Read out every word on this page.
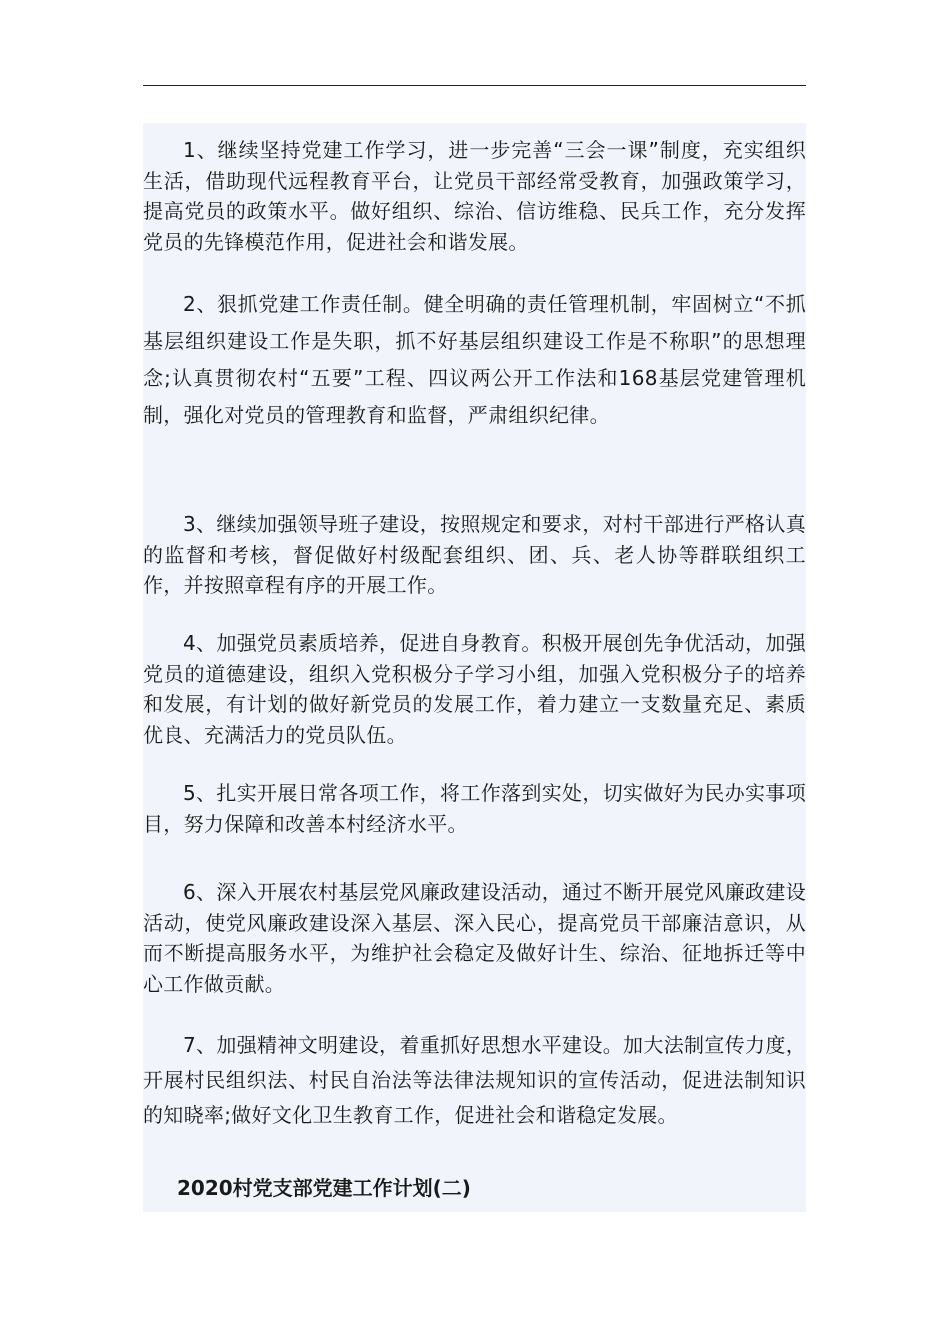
1、继续坚持党建工作学习，进一步完善“三会一课”制度，充实组织生活，借助现代远程教育平台，让党员干部经常受教育，加强政策学习，提高党员的政策水平。做好组织、综治、信访维稳、民兵工作，充分发挥党员的先锋模范作用，促进社会和谐发展。

2、狠抓党建工作责任制。健全明确的责任管理机制，牢固树立“不抓基层组织建设工作是失职，抓不好基层组织建设工作是不称职”的思想理念;认真贯彻农村“五要”工程、四议两公开工作法和168基层党建管理机制，强化对党员的管理教育和监督，严肃组织纪律。

3、继续加强领导班子建设，按照规定和要求，对村干部进行严格认真的监督和考核，督促做好村级配套组织、团、兵、老人协等群联组织工作，并按照章程有序的开展工作。

4、加强党员素质培养，促进自身教育。积极开展创先争优活动，加强党员的道德建设，组织入党积极分子学习小组，加强入党积极分子的培养和发展，有计划的做好新党员的发展工作，着力建立一支数量充足、素质优良、充满活力的党员队伍。

5、扎实开展日常各项工作，将工作落到实处，切实做好为民办实事项目，努力保障和改善本村经济水平。

6、深入开展农村基层党风廉政建设活动，通过不断开展党风廉政建设活动，使党风廉政建设深入基层、深入民心，提高党员干部廉洁意识，从而不断提高服务水平，为维护社会稳定及做好计生、综治、征地拆迁等中心工作做贡献。

7、加强精神文明建设，着重抓好思想水平建设。加大法制宣传力度，开展村民组织法、村民自治法等法律法规知识的宣传活动，促进法制知识的知晓率;做好文化卫生教育工作，促进社会和谐稳定发展。

2020村党支部党建工作计划(二)
